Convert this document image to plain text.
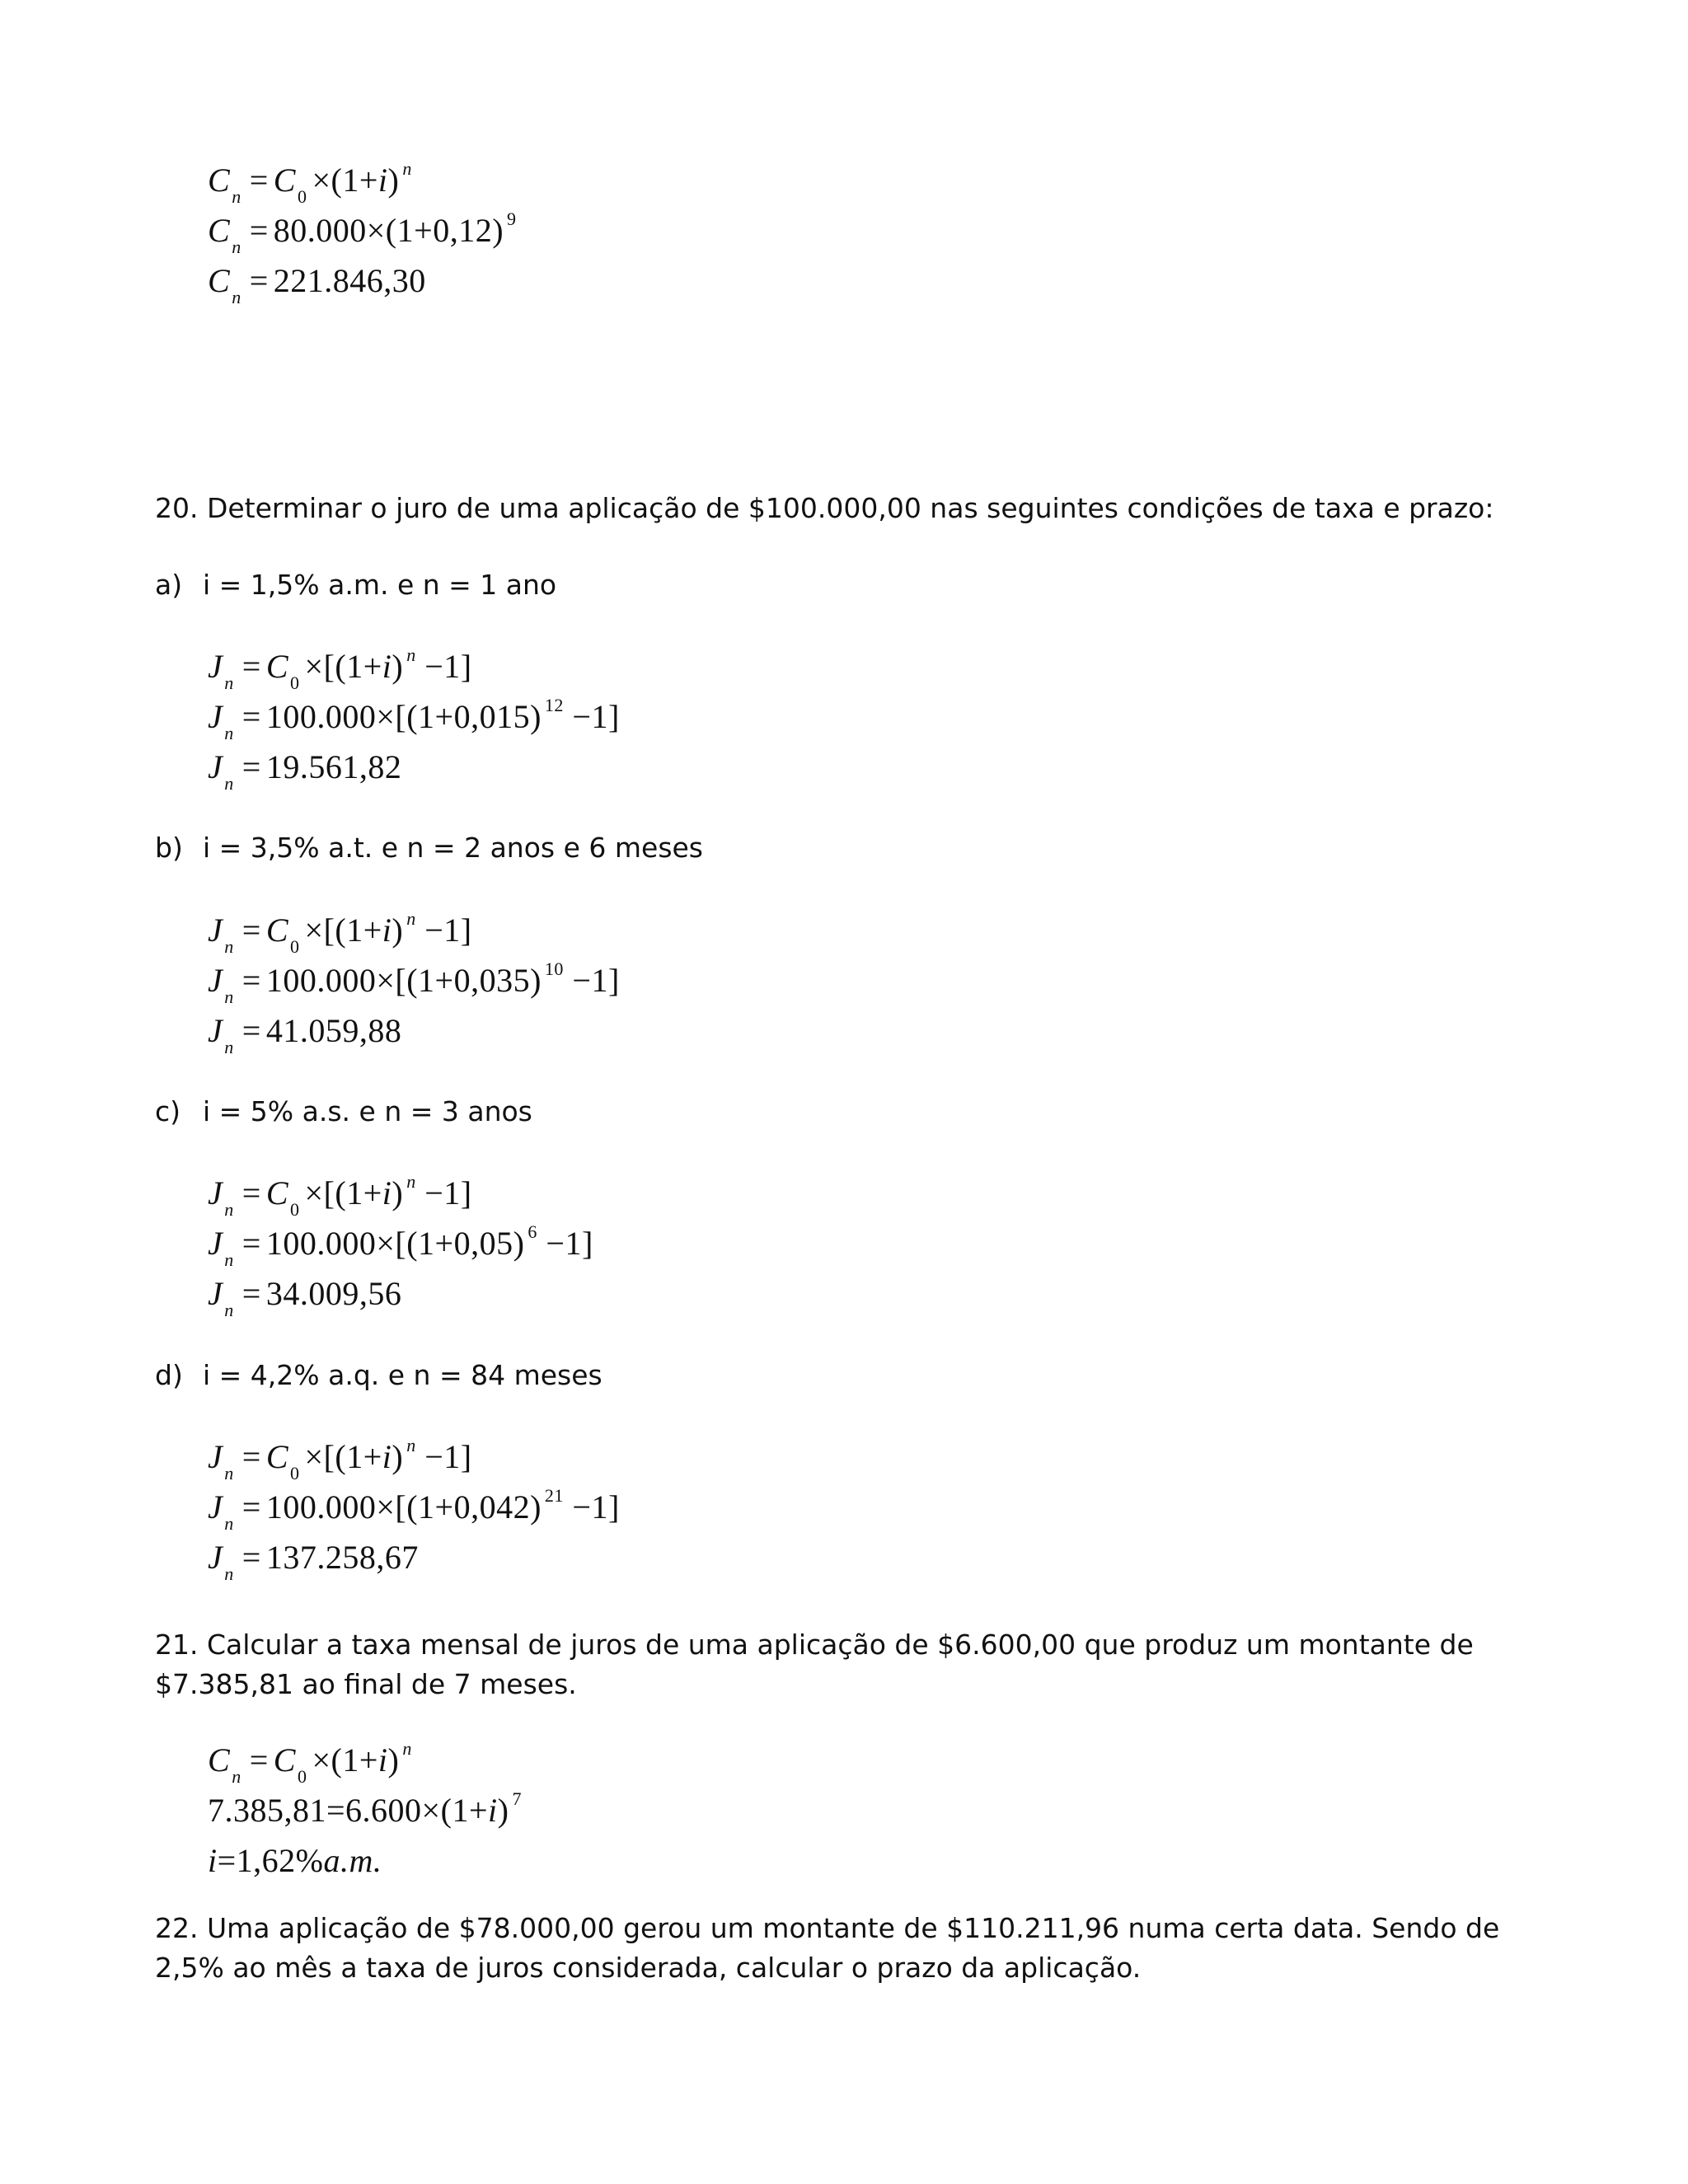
$C_n = C_0 \times(1+i)$ $^n$
$C_n = 80.000\times(1+0,12)$ $^9$
$C_n = 221.846,30$
20. Determinar o juro de uma aplicação de $100.000,00 nas seguintes condições de taxa e prazo:
a) i = 1,5% a.m. e n = 1 ano
$J_n = C_0 \times[(1+i)$ $^n$ −1]
$J_n = 100.000\times[(1+0,015)$ $^{12}$ −1]
$J_n = 19.561,82$
b) i = 3,5% a.t. e n = 2 anos e 6 meses
$J_n = C_0 \times[(1+i)$ $^n$ −1]
$J_n = 100.000\times[(1+0,035)$ $^{10}$ −1]
$J_n = 41.059,88$
c) i = 5% a.s. e n = 3 anos
$J_n = C_0 \times[(1+i)$ $^n$ −1]
$J_n = 100.000\times[(1+0,05)$ $^6$ −1]
$J_n = 34.009,56$
d) i = 4,2% a.q. e n = 84 meses
$J_n = C_0 \times[(1+i)$ $^n$ −1]
$J_n = 100.000\times[(1+0,042)$ $^{21}$ −1]
$J_n = 137.258,67$
21. Calcular a taxa mensal de juros de uma aplicação de $6.600,00 que produz um montante de $7.385,81 ao final de 7 meses.
$C_n = C_0 \times(1+i)$ $^n$
7.385,81=6.600×(1+i) $^7$
i=1,62%a.m.
22. Uma aplicação de $78.000,00 gerou um montante de $110.211,96 numa certa data. Sendo de 2,5% ao mês a taxa de juros considerada, calcular o prazo da aplicação.
